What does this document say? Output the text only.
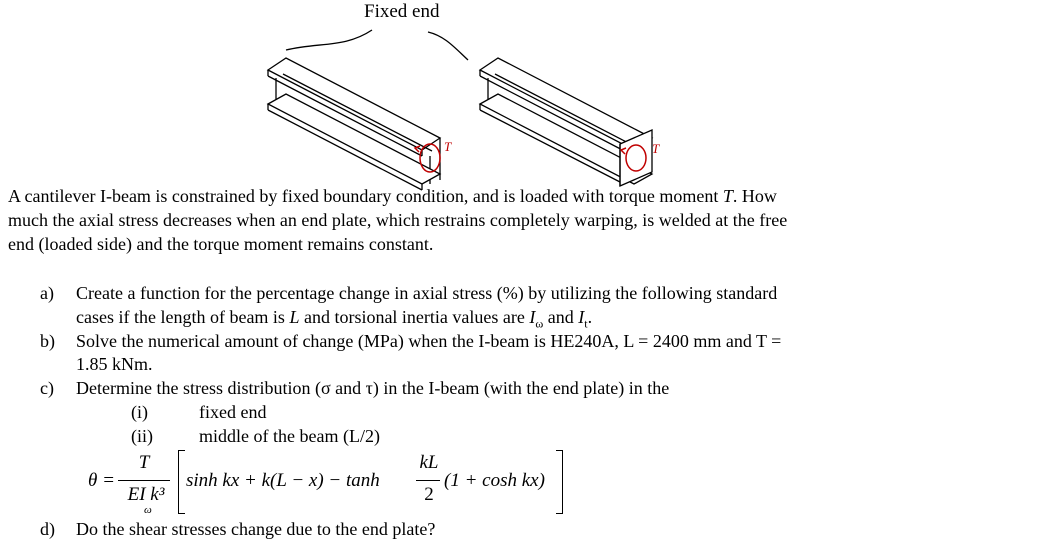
Fixed end
T	T
A cantilever I-beam is constrained by fixed boundary condition, and is loaded with torque moment T. How
much the axial stress decreases when an end plate, which restrains completely warping, is welded at the free
end (loaded side) and the torque moment remains constant.
a) Create a function for the percentage change in axial stress (%) by utilizing the following standard
cases if the length of beam is L and torsional inertia values are $I_\omega$ and $I_t$.
b) Solve the numerical amount of change (MPa) when the I-beam is HE240A, L = 2400 mm and T =
1.85 kNm.
c) Determine the stress distribution (σ and τ) in the I-beam (with the end plate) in the
(i)	fixed end
(ii)	middle of the beam (L/2)
θ =
T
EI k³
ω
sinh kx + k(L − x) − tanh
kL
2
(1 + cosh kx)
d) Do the shear stresses change due to the end plate?
